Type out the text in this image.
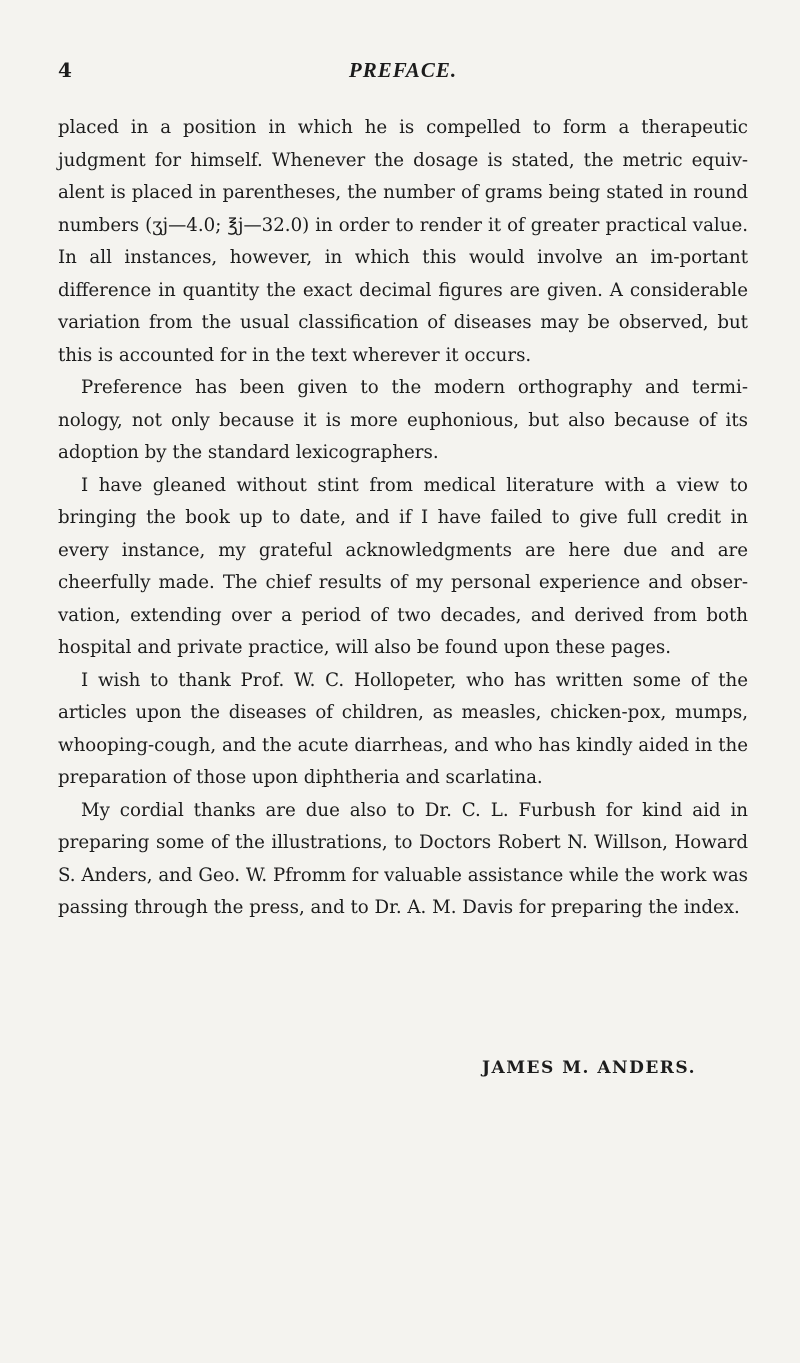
4	PREFACE.

placed in a position in which he is compelled to form a therapeutic judgment for himself. Whenever the dosage is stated, the metric equiv-alent is placed in parentheses, the number of grams being stated in round numbers (ʒj—4.0; ℥j—32.0) in order to render it of greater practical value. In all instances, however, in which this would involve an im-portant difference in quantity the exact decimal figures are given. A considerable variation from the usual classification of diseases may be observed, but this is accounted for in the text wherever it occurs.

Preference has been given to the modern orthography and termi-nology, not only because it is more euphonious, but also because of its adoption by the standard lexicographers.

I have gleaned without stint from medical literature with a view to bringing the book up to date, and if I have failed to give full credit in every instance, my grateful acknowledgments are here due and are cheerfully made. The chief results of my personal experience and obser-vation, extending over a period of two decades, and derived from both hospital and private practice, will also be found upon these pages.

I wish to thank Prof. W. C. Hollopeter, who has written some of the articles upon the diseases of children, as measles, chicken-pox, mumps, whooping-cough, and the acute diarrheas, and who has kindly aided in the preparation of those upon diphtheria and scarlatina.

My cordial thanks are due also to Dr. C. L. Furbush for kind aid in preparing some of the illustrations, to Doctors Robert N. Willson, Howard S. Anders, and Geo. W. Pfromm for valuable assistance while the work was passing through the press, and to Dr. A. M. Davis for preparing the index.

JAMES M. ANDERS.
